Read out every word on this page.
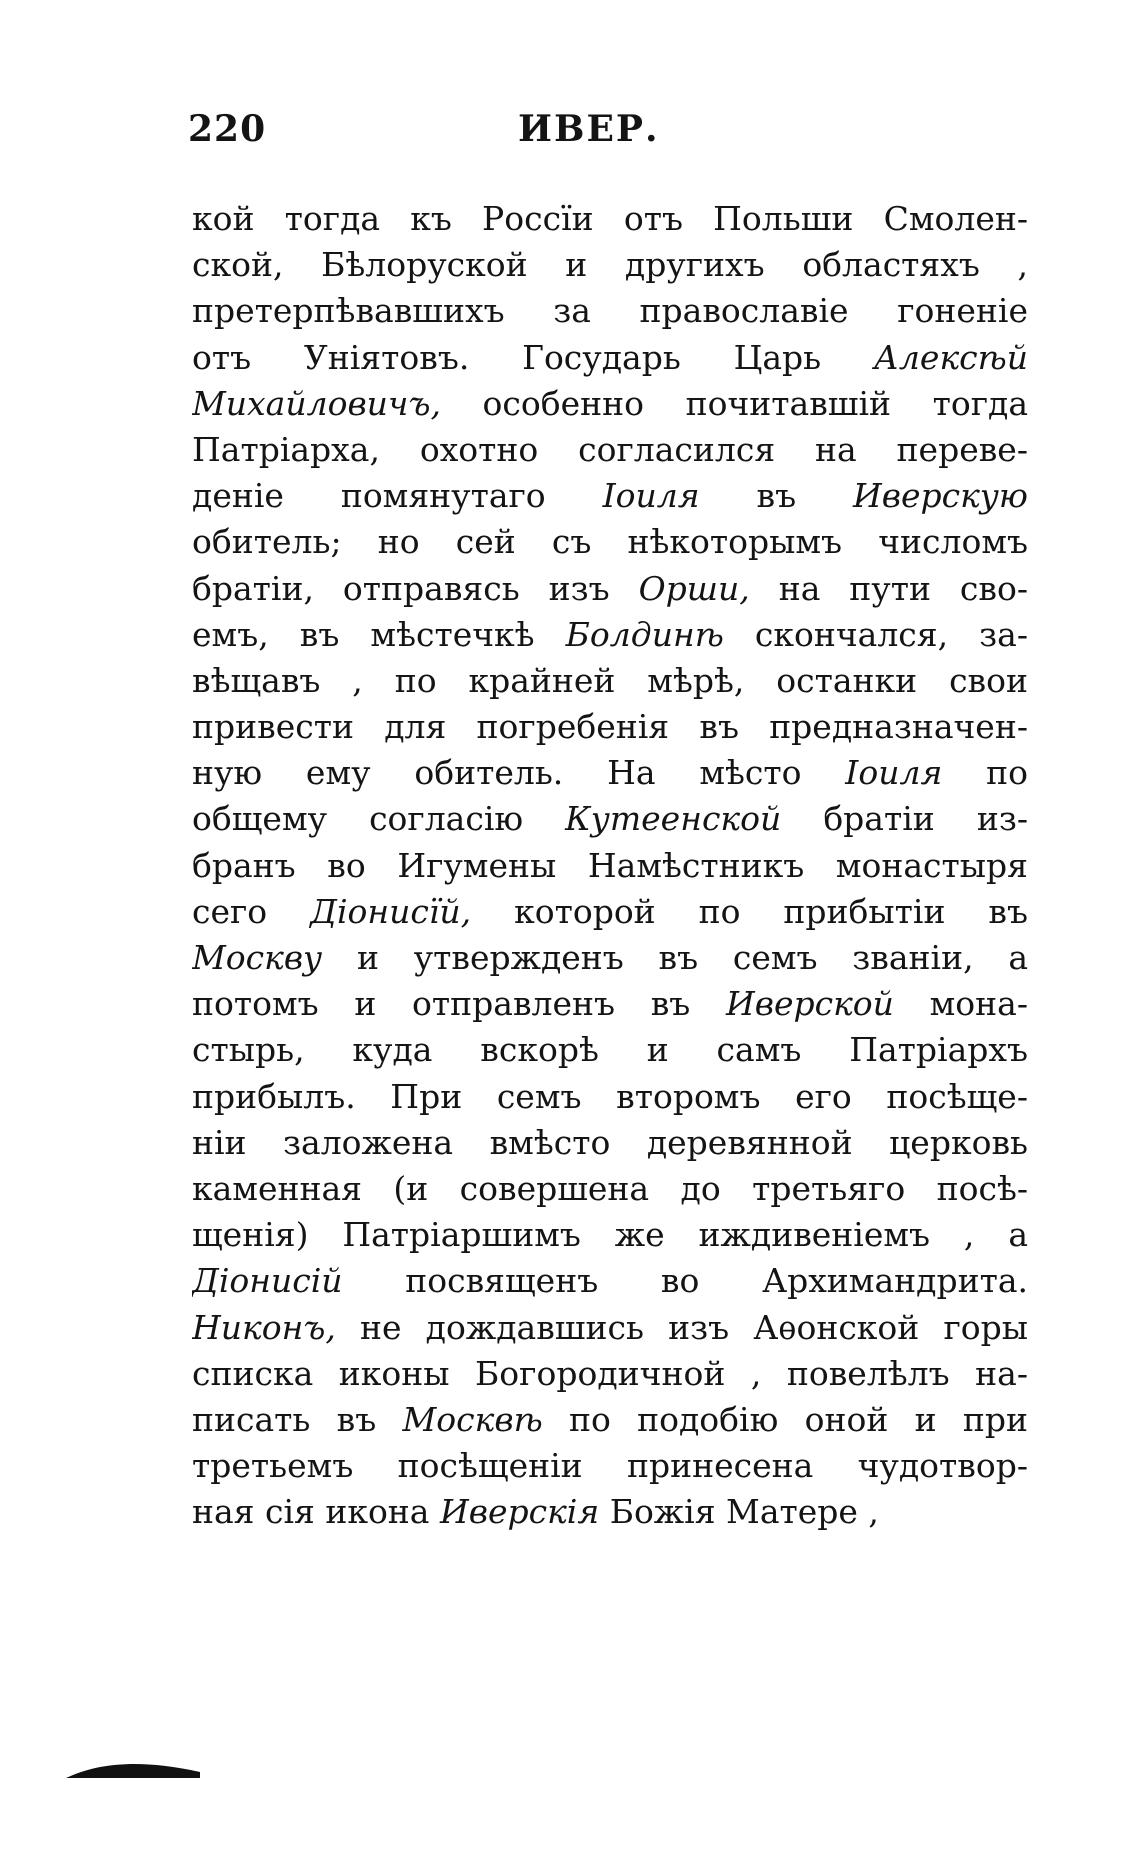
220	ИВЕР.
кой тогда къ Россїи отъ Польши Смолен-
ской, Бѣлорускoй и другихъ областяхъ ,
претерпѣвавшихъ за православіе гоненіе
отъ Уніятовъ. Государь Царь Алексѣй
Михайловичъ, особенно почитавшій тогда
Патріарха, охотно согласился на переве-
деніе помянутаго Іоиля въ Иверскую
обитель; но сей съ нѣкоторымъ числомъ
братіи, отправясь изъ Орши, на пути сво-
емъ, въ мѣстечкѣ Болдинѣ скончался, за-
вѣщавъ , по крайней мѣрѣ, останки свои
привести для погребенія въ предназначен-
ную ему обитель. На мѣсто Іоиля по
общему согласію Кутеенской братіи из-
бранъ во Игумены Намѣстникъ монастыря
сего Діонисїй, которой по прибытіи въ
Москву и утвержденъ въ семъ званіи, а
потомъ и отправленъ въ Иверской мона-
стырь, куда вскорѣ и самъ Патріархъ
прибылъ. При семъ второмъ его посѣще-
ніи заложена вмѣсто деревянной церковь
каменная (и совершена до третьяго посѣ-
щенія) Патріаршимъ же иждивеніемъ , а
Діонисій посвященъ во Архимандрита.
Никонъ, не дождавшись изъ Аѳонской горы
списка иконы Богородичной , повелѣлъ на-
писать въ Москвѣ по подобію оной и при
третьемъ посѣщеніи принесена чудотвор-
ная сія икона Иверскія Божія Матере ,
